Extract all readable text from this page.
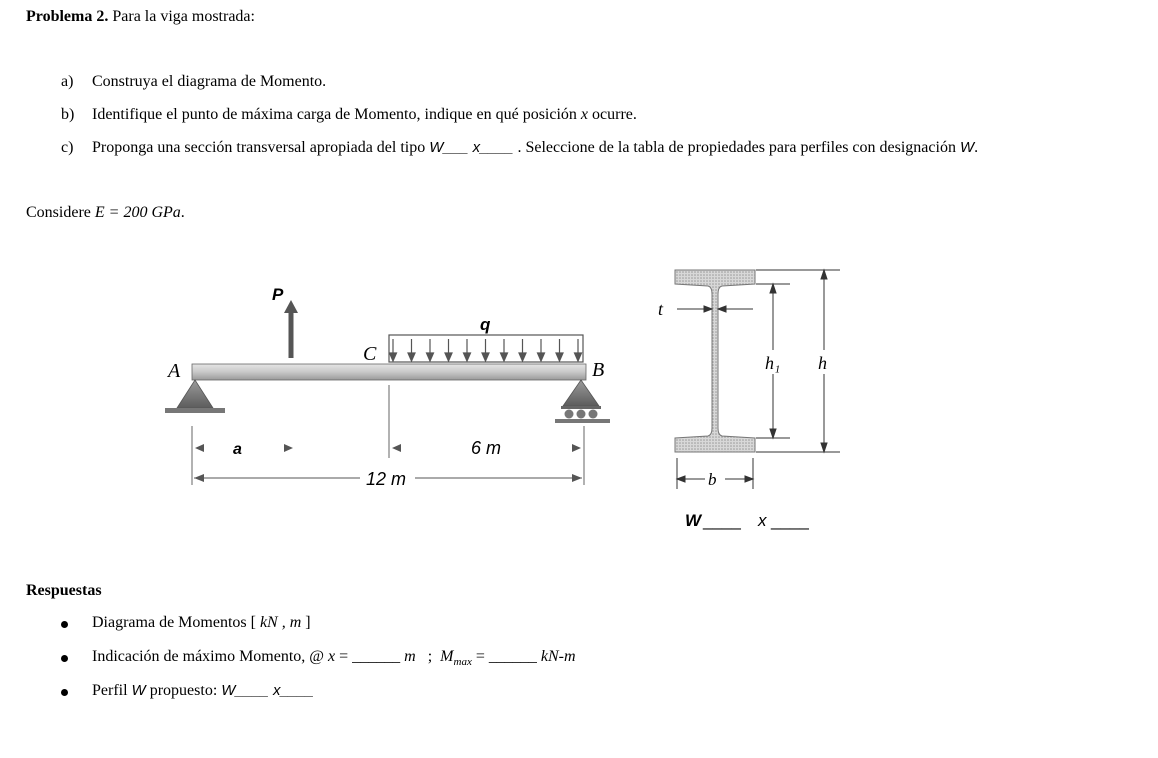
Problema 2. Para la viga mostrada:
a) Construya el diagrama de Momento.
b) Identifique el punto de máxima carga de Momento, indique en qué posición x ocurre.
c) Proponga una sección transversal apropiada del tipo W___ x____ . Seleccione de la tabla de propiedades para perfiles con designación W.
Considere E = 200 GPa.
P
q
A	B
C
a	6 m
12 m
t
h₁ h
b
W ____ x ____
Respuestas
Diagrama de Momentos [ kN , m ]
Indicación de máximo Momento, @ x = ______ m   ;  $M_{max}$ = ______ kN-m
Perfil W propuesto: W____ x____
